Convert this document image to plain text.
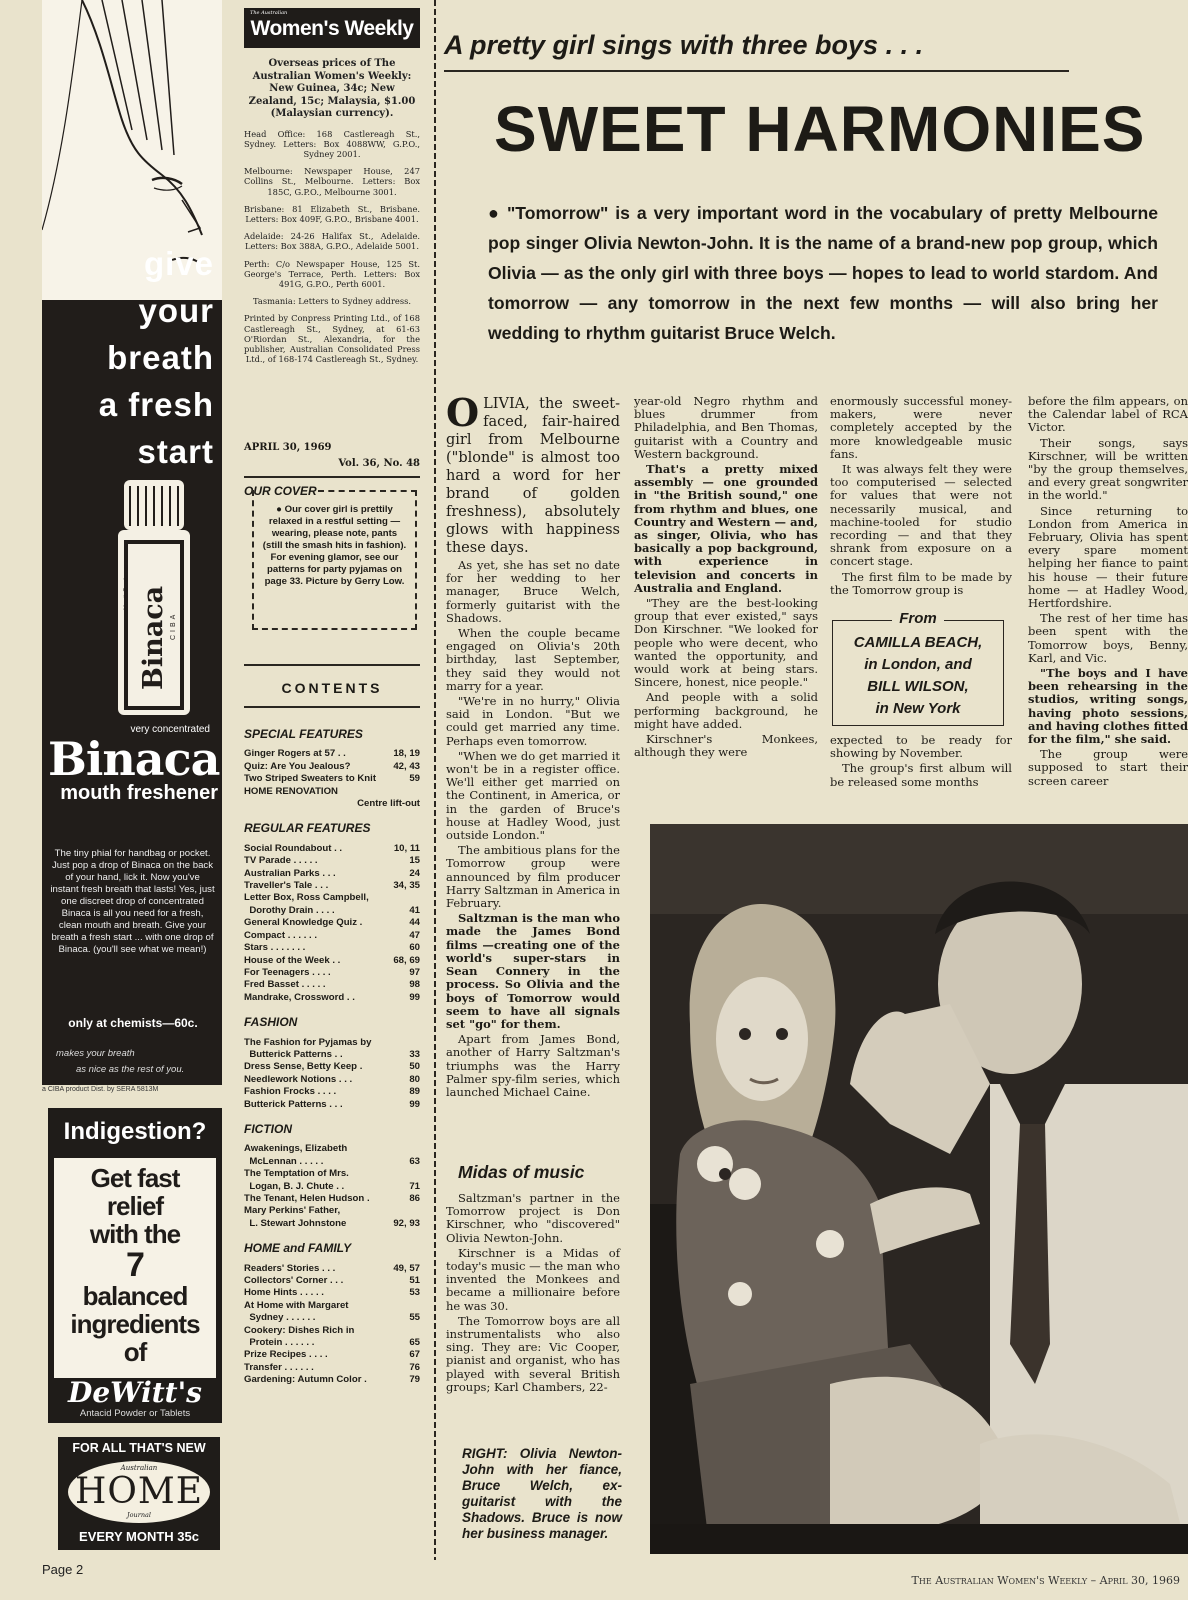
give
your
breath
a fresh
start
Mouth Freshener Binaca CIBA
very concentrated
Binaca
mouth freshener
The tiny phial for handbag or pocket. Just pop a drop of Binaca on the back of your hand, lick it. Now you've instant fresh breath that lasts! Yes, just one discreet drop of concentrated Binaca is all you need for a fresh, clean mouth and breath. Give your breath a fresh start ... with one drop of Binaca. (you'll see what we mean!)
only at chemists—60c.
makes your breath
as nice as the rest of you.
a CIBA product Dist. by SERA 5813M
Indigestion?
Get fast
relief
with the
7
balanced
ingredients
of
DeWitt's
Antacid Powder or Tablets
FOR ALL THAT'S NEW
Australian
HOME
Journal
EVERY MONTH 35c
Page 2
The Australian
Women's Weekly
Overseas prices of The Australian Women's Weekly: New Guinea, 34c; New Zealand, 15c; Malaysia, $1.00 (Malaysian currency).
Head Office: 168 Castlereagh St., Sydney. Letters: Box 4088WW, G.P.O., Sydney 2001.
Melbourne: Newspaper House, 247 Collins St., Melbourne. Letters: Box 185C, G.P.O., Melbourne 3001.
Brisbane: 81 Elizabeth St., Brisbane. Letters: Box 409F, G.P.O., Brisbane 4001.
Adelaide: 24-26 Halifax St., Adelaide. Letters: Box 388A, G.P.O., Adelaide 5001.
Perth: C/o Newspaper House, 125 St. George's Terrace, Perth. Letters: Box 491G, G.P.O., Perth 6001.
Tasmania: Letters to Sydney address.
Printed by Conpress Printing Ltd., of 168 Castlereagh St., Sydney, at 61-63 O'Riordan St., Alexandria, for the publisher, Australian Consolidated Press Ltd., of 168-174 Castlereagh St., Sydney.
APRIL 30, 1969
Vol. 36, No. 48
OUR COVER
● Our cover girl is prettily relaxed in a restful setting — wearing, please note, pants (still the smash hits in fashion). For evening glamor, see our patterns for party pyjamas on page 33. Picture by Gerry Low.
CONTENTS
SPECIAL FEATURES
Ginger Rogers at 57 . .	18, 19
Quiz: Are You Jealous?	42, 43
Two Striped Sweaters to Knit	59
HOME RENOVATION
Centre lift-out
REGULAR FEATURES
Social Roundabout . .	10, 11
TV Parade . . . . .	15
Australian Parks . . .	24
Traveller's Tale . . .	34, 35
Letter Box, Ross Campbell,
Dorothy Drain . . . .	41
General Knowledge Quiz .	44
Compact . . . . . .	47
Stars . . . . . . .	60
House of the Week . .	68, 69
For Teenagers . . . .	97
Fred Basset . . . . .	98
Mandrake, Crossword . .	99
FASHION
The Fashion for Pyjamas by
Butterick Patterns . .	33
Dress Sense, Betty Keep .	50
Needlework Notions . . .	80
Fashion Frocks . . . .	89
Butterick Patterns . . .	99
FICTION
Awakenings, Elizabeth
McLennan . . . . .	63
The Temptation of Mrs.
Logan, B. J. Chute . .	71
The Tenant, Helen Hudson .	86
Mary Perkins' Father,
L. Stewart Johnstone	92, 93
HOME and FAMILY
Readers' Stories . . .	49, 57
Collectors' Corner . . .	51
Home Hints . . . . .	53
At Home with Margaret
Sydney . . . . . .	55
Cookery: Dishes Rich in
Protein . . . . . .	65
Prize Recipes . . . .	67
Transfer . . . . . .	76
Gardening: Autumn Color .	79
A pretty girl sings with three boys . . .
SWEET HARMONIES
● "Tomorrow" is a very important word in the vocabulary of pretty Melbourne pop singer Olivia Newton-John. It is the name of a brand-new pop group, which Olivia — as the only girl with three boys — hopes to lead to world stardom. And tomorrow — any tomorrow in the next few months — will also bring her wedding to rhythm guitarist Bruce Welch.

OLIVIA, the sweet-faced, fair-haired girl from Melbourne ("blonde" is almost too hard a word for her brand of golden freshness), absolutely glows with happiness these days.

As yet, she has set no date for her wedding to her manager, Bruce Welch, formerly guitarist with the Shadows.

When the couple became engaged on Olivia's 20th birthday, last September, they said they would not marry for a year.

"We're in no hurry," Olivia said in London. "But we could get married any time. Perhaps even tomorrow.

"When we do get married it won't be in a register office. We'll either get married on the Continent, in America, or in the garden of Bruce's house at Hadley Wood, just outside London."

The ambitious plans for the Tomorrow group were announced by film producer Harry Saltzman in America in February.

Saltzman is the man who made the James Bond films —creating one of the world's super-stars in Sean Connery in the process. So Olivia and the boys of Tomorrow would seem to have all signals set "go" for them.

Apart from James Bond, another of Harry Saltzman's triumphs was the Harry Palmer spy-film series, which launched Michael Caine.

Midas of music

Saltzman's partner in the Tomorrow project is Don Kirschner, who "discovered" Olivia Newton-John.

Kirschner is a Midas of today's music — the man who invented the Monkees and became a millionaire before he was 30.

The Tomorrow boys are all instrumentalists who also sing. They are: Vic Cooper, pianist and organist, who has played with several British groups; Karl Chambers, 22-

year-old Negro rhythm and blues drummer from Philadelphia, and Ben Thomas, guitarist with a Country and Western background.

That's a pretty mixed assembly — one grounded in "the British sound," one from rhythm and blues, one Country and Western — and, as singer, Olivia, who has basically a pop background, with experience in television and concerts in Australia and England.

"They are the best-looking group that ever existed," says Don Kirschner. "We looked for people who were decent, who wanted the opportunity, and would work at being stars. Sincere, honest, nice people."

And people with a solid performing background, he might have added.

Kirschner's Monkees, although they were

enormously successful money-makers, were never completely accepted by the more knowledgeable music fans.

It was always felt they were too computerised — selected for values that were not necessarily musical, and machine-tooled for studio recording — and that they shrank from exposure on a concert stage.

The first film to be made by the Tomorrow group is

From
CAMILLA BEACH,
in London, and
BILL WILSON,
in New York

expected to be ready for showing by November.

The group's first album will be released some months

before the film appears, on the Calendar label of RCA Victor.

Their songs, says Kirschner, will be written "by the group themselves, and every great songwriter in the world."

Since returning to London from America in February, Olivia has spent every spare moment helping her fiance to paint his house — their future home — at Hadley Wood, Hertfordshire.

The rest of her time has been spent with the Tomorrow boys, Benny, Karl, and Vic.

"The boys and I have been rehearsing in the studios, writing songs, having photo sessions, and having clothes fitted for the film," she said.

The group were supposed to start their screen career

RIGHT: Olivia Newton-John with her fiance, Bruce Welch, ex-guitarist with the Shadows. Bruce is now her business manager.
The Australian Women's Weekly – April 30, 1969
